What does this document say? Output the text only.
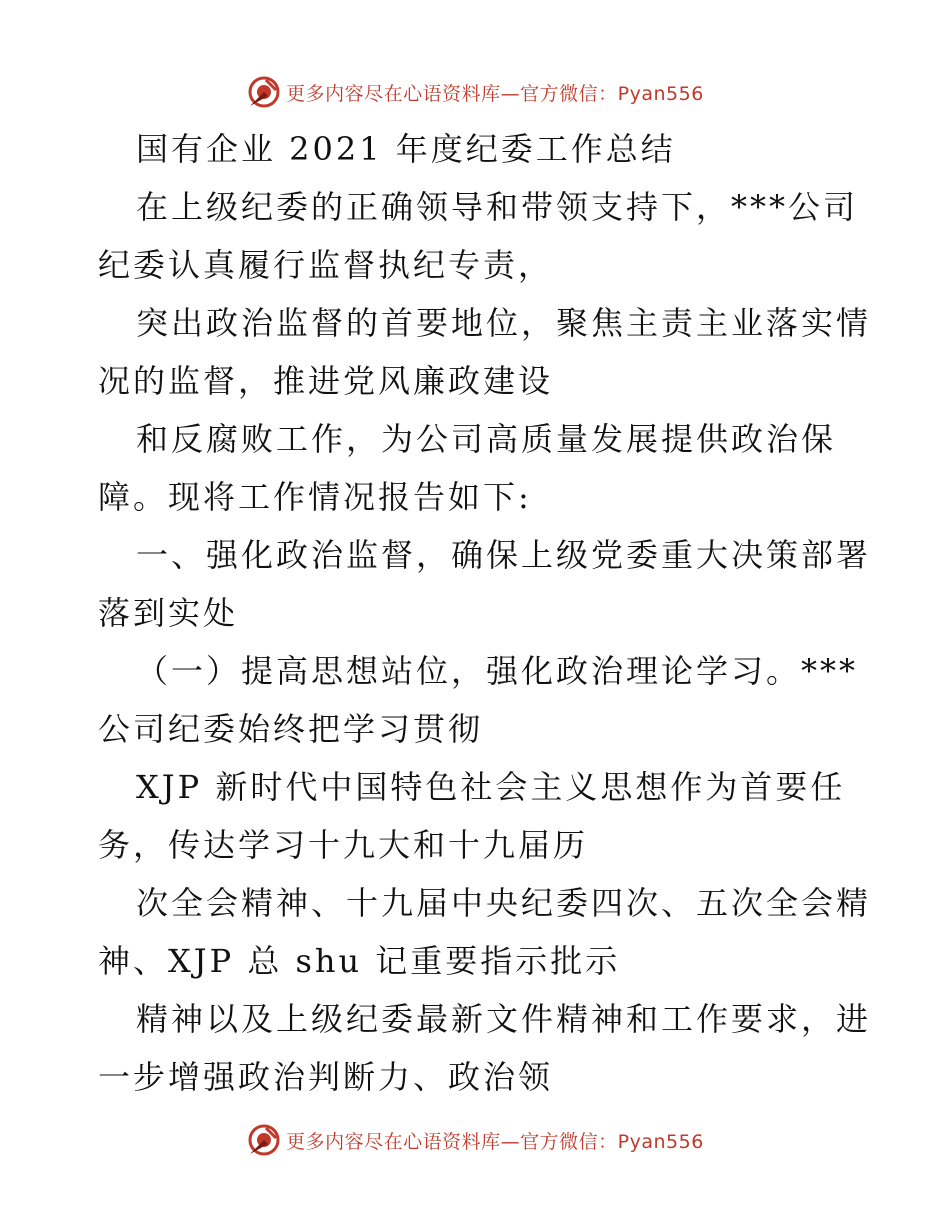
更多内容尽在心语资料库—官方微信：Pyan556

国有企业 2021 年度纪委工作总结

在上级纪委的正确领导和带领支持下，***公司
纪委认真履行监督执纪专责，

突出政治监督的首要地位，聚焦主责主业落实情
况的监督，推进党风廉政建设

和反腐败工作，为公司高质量发展提供政治保
障。现将工作情况报告如下:

一、强化政治监督，确保上级党委重大决策部署
落到实处

（一）提高思想站位，强化政治理论学习。***
公司纪委始终把学习贯彻

XJP 新时代中国特色社会主义思想作为首要任
务，传达学习十九大和十九届历

次全会精神、十九届中央纪委四次、五次全会精
神、XJP 总 shu 记重要指示批示

精神以及上级纪委最新文件精神和工作要求，进
一步增强政治判断力、政治领

更多内容尽在心语资料库—官方微信：Pyan556
